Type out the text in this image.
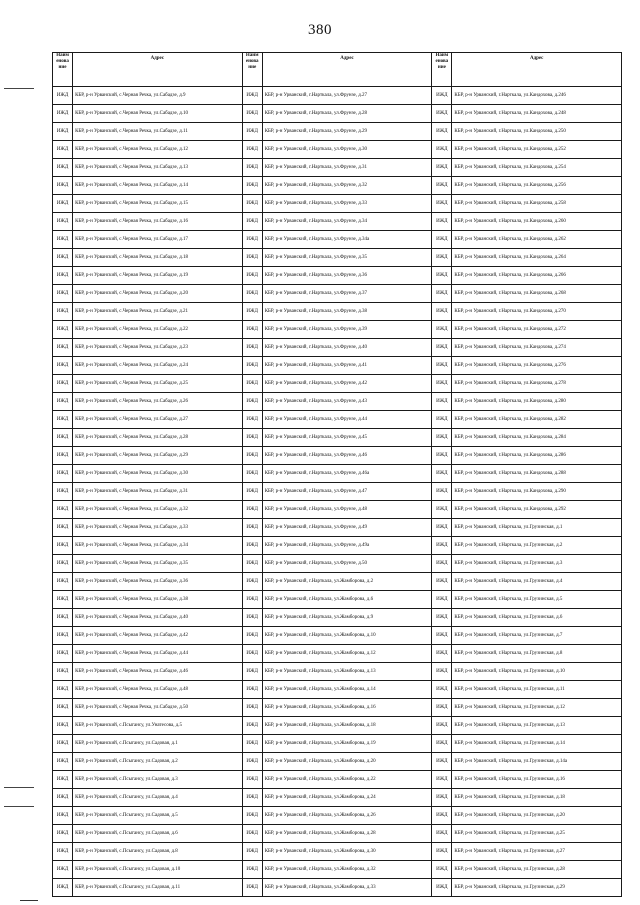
380
Наим
енова
ние	Адрес	Наим
енова
ние	Адрес	Наим
енова
ние	Адрес
ИЖД	КБР, р-н Урванский, с.Черная Речка, ул.Сабадзе, д.9	ИЖД	КБР, р-н Урванский, г.Нарткала, ул.Фрунзе, д.27	ИЖД	КБР, р-н Урванский, г.Нарткала, ул.Кандохова, д.246
ИЖД	КБР, р-н Урванский, с.Черная Речка, ул.Сабадзе, д.10	ИЖД	КБР, р-н Урванский, г.Нарткала, ул.Фрунзе, д.28	ИЖД	КБР, р-н Урванский, г.Нарткала, ул.Кандохова, д.248
ИЖД	КБР, р-н Урванский, с.Черная Речка, ул.Сабадзе, д.11	ИЖД	КБР, р-н Урванский, г.Нарткала, ул.Фрунзе, д.29	ИЖД	КБР, р-н Урванский, г.Нарткала, ул.Кандохова, д.250
ИЖД	КБР, р-н Урванский, с.Черная Речка, ул.Сабадзе, д.12	ИЖД	КБР, р-н Урванский, г.Нарткала, ул.Фрунзе, д.30	ИЖД	КБР, р-н Урванский, г.Нарткала, ул.Кандохова, д.252
ИЖД	КБР, р-н Урванский, с.Черная Речка, ул.Сабадзе, д.13	ИЖД	КБР, р-н Урванский, г.Нарткала, ул.Фрунзе, д.31	ИЖД	КБР, р-н Урванский, г.Нарткала, ул.Кандохова, д.254
ИЖД	КБР, р-н Урванский, с.Черная Речка, ул.Сабадзе, д.14	ИЖД	КБР, р-н Урванский, г.Нарткала, ул.Фрунзе, д.32	ИЖД	КБР, р-н Урванский, г.Нарткала, ул.Кандохова, д.256
ИЖД	КБР, р-н Урванский, с.Черная Речка, ул.Сабадзе, д.15	ИЖД	КБР, р-н Урванский, г.Нарткала, ул.Фрунзе, д.33	ИЖД	КБР, р-н Урванский, г.Нарткала, ул.Кандохова, д.258
ИЖД	КБР, р-н Урванский, с.Черная Речка, ул.Сабадзе, д.16	ИЖД	КБР, р-н Урванский, г.Нарткала, ул.Фрунзе, д.34	ИЖД	КБР, р-н Урванский, г.Нарткала, ул.Кандохова, д.260
ИЖД	КБР, р-н Урванский, с.Черная Речка, ул.Сабадзе, д.17	ИЖД	КБР, р-н Урванский, г.Нарткала, ул.Фрунзе, д.34а	ИЖД	КБР, р-н Урванский, г.Нарткала, ул.Кандохова, д.262
ИЖД	КБР, р-н Урванский, с.Черная Речка, ул.Сабадзе, д.18	ИЖД	КБР, р-н Урванский, г.Нарткала, ул.Фрунзе, д.35	ИЖД	КБР, р-н Урванский, г.Нарткала, ул.Кандохова, д.264
ИЖД	КБР, р-н Урванский, с.Черная Речка, ул.Сабадзе, д.19	ИЖД	КБР, р-н Урванский, г.Нарткала, ул.Фрунзе, д.36	ИЖД	КБР, р-н Урванский, г.Нарткала, ул.Кандохова, д.266
ИЖД	КБР, р-н Урванский, с.Черная Речка, ул.Сабадзе, д.20	ИЖД	КБР, р-н Урванский, г.Нарткала, ул.Фрунзе, д.37	ИЖД	КБР, р-н Урванский, г.Нарткала, ул.Кандохова, д.268
ИЖД	КБР, р-н Урванский, с.Черная Речка, ул.Сабадзе, д.21	ИЖД	КБР, р-н Урванский, г.Нарткала, ул.Фрунзе, д.38	ИЖД	КБР, р-н Урванский, г.Нарткала, ул.Кандохова, д.270
ИЖД	КБР, р-н Урванский, с.Черная Речка, ул.Сабадзе, д.22	ИЖД	КБР, р-н Урванский, г.Нарткала, ул.Фрунзе, д.39	ИЖД	КБР, р-н Урванский, г.Нарткала, ул.Кандохова, д.272
ИЖД	КБР, р-н Урванский, с.Черная Речка, ул.Сабадзе, д.23	ИЖД	КБР, р-н Урванский, г.Нарткала, ул.Фрунзе, д.40	ИЖД	КБР, р-н Урванский, г.Нарткала, ул.Кандохова, д.274
ИЖД	КБР, р-н Урванский, с.Черная Речка, ул.Сабадзе, д.24	ИЖД	КБР, р-н Урванский, г.Нарткала, ул.Фрунзе, д.41	ИЖД	КБР, р-н Урванский, г.Нарткала, ул.Кандохова, д.276
ИЖД	КБР, р-н Урванский, с.Черная Речка, ул.Сабадзе, д.25	ИЖД	КБР, р-н Урванский, г.Нарткала, ул.Фрунзе, д.42	ИЖД	КБР, р-н Урванский, г.Нарткала, ул.Кандохова, д.278
ИЖД	КБР, р-н Урванский, с.Черная Речка, ул.Сабадзе, д.26	ИЖД	КБР, р-н Урванский, г.Нарткала, ул.Фрунзе, д.43	ИЖД	КБР, р-н Урванский, г.Нарткала, ул.Кандохова, д.280
ИЖД	КБР, р-н Урванский, с.Черная Речка, ул.Сабадзе, д.27	ИЖД	КБР, р-н Урванский, г.Нарткала, ул.Фрунзе, д.44	ИЖД	КБР, р-н Урванский, г.Нарткала, ул.Кандохова, д.282
ИЖД	КБР, р-н Урванский, с.Черная Речка, ул.Сабадзе, д.28	ИЖД	КБР, р-н Урванский, г.Нарткала, ул.Фрунзе, д.45	ИЖД	КБР, р-н Урванский, г.Нарткала, ул.Кандохова, д.284
ИЖД	КБР, р-н Урванский, с.Черная Речка, ул.Сабадзе, д.29	ИЖД	КБР, р-н Урванский, г.Нарткала, ул.Фрунзе, д.46	ИЖД	КБР, р-н Урванский, г.Нарткала, ул.Кандохова, д.286
ИЖД	КБР, р-н Урванский, с.Черная Речка, ул.Сабадзе, д.30	ИЖД	КБР, р-н Урванский, г.Нарткала, ул.Фрунзе, д.46а	ИЖД	КБР, р-н Урванский, г.Нарткала, ул.Кандохова, д.288
ИЖД	КБР, р-н Урванский, с.Черная Речка, ул.Сабадзе, д.31	ИЖД	КБР, р-н Урванский, г.Нарткала, ул.Фрунзе, д.47	ИЖД	КБР, р-н Урванский, г.Нарткала, ул.Кандохова, д.290
ИЖД	КБР, р-н Урванский, с.Черная Речка, ул.Сабадзе, д.32	ИЖД	КБР, р-н Урванский, г.Нарткала, ул.Фрунзе, д.48	ИЖД	КБР, р-н Урванский, г.Нарткала, ул.Кандохова, д.292
ИЖД	КБР, р-н Урванский, с.Черная Речка, ул.Сабадзе, д.33	ИЖД	КБР, р-н Урванский, г.Нарткала, ул.Фрунзе, д.49	ИЖД	КБР, р-н Урванский, г.Нарткала, ул.Грузинская, д.1
ИЖД	КБР, р-н Урванский, с.Черная Речка, ул.Сабадзе, д.34	ИЖД	КБР, р-н Урванский, г.Нарткала, ул.Фрунзе, д.49а	ИЖД	КБР, р-н Урванский, г.Нарткала, ул.Грузинская, д.2
ИЖД	КБР, р-н Урванский, с.Черная Речка, ул.Сабадзе, д.35	ИЖД	КБР, р-н Урванский, г.Нарткала, ул.Фрунзе, д.50	ИЖД	КБР, р-н Урванский, г.Нарткала, ул.Грузинская, д.3
ИЖД	КБР, р-н Урванский, с.Черная Речка, ул.Сабадзе, д.36	ИЖД	КБР, р-н Урванский, г.Нарткала, ул.Жамборова, д.2	ИЖД	КБР, р-н Урванский, г.Нарткала, ул.Грузинская, д.4
ИЖД	КБР, р-н Урванский, с.Черная Речка, ул.Сабадзе, д.38	ИЖД	КБР, р-н Урванский, г.Нарткала, ул.Жамборова, д.6	ИЖД	КБР, р-н Урванский, г.Нарткала, ул.Грузинская, д.5
ИЖД	КБР, р-н Урванский, с.Черная Речка, ул.Сабадзе, д.40	ИЖД	КБР, р-н Урванский, г.Нарткала, ул.Жамборова, д.9	ИЖД	КБР, р-н Урванский, г.Нарткала, ул.Грузинская, д.6
ИЖД	КБР, р-н Урванский, с.Черная Речка, ул.Сабадзе, д.42	ИЖД	КБР, р-н Урванский, г.Нарткала, ул.Жамборова, д.10	ИЖД	КБР, р-н Урванский, г.Нарткала, ул.Грузинская, д.7
ИЖД	КБР, р-н Урванский, с.Черная Речка, ул.Сабадзе, д.44	ИЖД	КБР, р-н Урванский, г.Нарткала, ул.Жамборова, д.12	ИЖД	КБР, р-н Урванский, г.Нарткала, ул.Грузинская, д.8
ИЖД	КБР, р-н Урванский, с.Черная Речка, ул.Сабадзе, д.46	ИЖД	КБР, р-н Урванский, г.Нарткала, ул.Жамборова, д.13	ИЖД	КБР, р-н Урванский, г.Нарткала, ул.Грузинская, д.10
ИЖД	КБР, р-н Урванский, с.Черная Речка, ул.Сабадзе, д.48	ИЖД	КБР, р-н Урванский, г.Нарткала, ул.Жамборова, д.14	ИЖД	КБР, р-н Урванский, г.Нарткала, ул.Грузинская, д.11
ИЖД	КБР, р-н Урванский, с.Черная Речка, ул.Сабадзе, д.50	ИЖД	КБР, р-н Урванский, г.Нарткала, ул.Жамборова, д.16	ИЖД	КБР, р-н Урванский, г.Нарткала, ул.Грузинская, д.12
ИЖД	КБР, р-н Урванский, с.Псыгансу, ул.Унатесова, д.5	ИЖД	КБР, р-н Урванский, г.Нарткала, ул.Жамборова, д.18	ИЖД	КБР, р-н Урванский, г.Нарткала, ул.Грузинская, д.13
ИЖД	КБР, р-н Урванский, с.Псыгансу, ул.Садовая, д.1	ИЖД	КБР, р-н Урванский, г.Нарткала, ул.Жамборова, д.19	ИЖД	КБР, р-н Урванский, г.Нарткала, ул.Грузинская, д.14
ИЖД	КБР, р-н Урванский, с.Псыгансу, ул.Садовая, д.2	ИЖД	КБР, р-н Урванский, г.Нарткала, ул.Жамборова, д.20	ИЖД	КБР, р-н Урванский, г.Нарткала, ул.Грузинская, д.14а
ИЖД	КБР, р-н Урванский, с.Псыгансу, ул.Садовая, д.3	ИЖД	КБР, р-н Урванский, г.Нарткала, ул.Жамборова, д.22	ИЖД	КБР, р-н Урванский, г.Нарткала, ул.Грузинская, д.16
ИЖД	КБР, р-н Урванский, с.Псыгансу, ул.Садовая, д.4	ИЖД	КБР, р-н Урванский, г.Нарткала, ул.Жамборова, д.24	ИЖД	КБР, р-н Урванский, г.Нарткала, ул.Грузинская, д.18
ИЖД	КБР, р-н Урванский, с.Псыгансу, ул.Садовая, д.5	ИЖД	КБР, р-н Урванский, г.Нарткала, ул.Жамборова, д.26	ИЖД	КБР, р-н Урванский, г.Нарткала, ул.Грузинская, д.20
ИЖД	КБР, р-н Урванский, с.Псыгансу, ул.Садовая, д.6	ИЖД	КБР, р-н Урванский, г.Нарткала, ул.Жамборова, д.28	ИЖД	КБР, р-н Урванский, г.Нарткала, ул.Грузинская, д.25
ИЖД	КБР, р-н Урванский, с.Псыгансу, ул.Садовая, д.8	ИЖД	КБР, р-н Урванский, г.Нарткала, ул.Жамборова, д.30	ИЖД	КБР, р-н Урванский, г.Нарткала, ул.Грузинская, д.27
ИЖД	КБР, р-н Урванский, с.Псыгансу, ул.Садовая, д.10	ИЖД	КБР, р-н Урванский, г.Нарткала, ул.Жамборова, д.32	ИЖД	КБР, р-н Урванский, г.Нарткала, ул.Грузинская, д.28
ИЖД	КБР, р-н Урванский, с.Псыгансу, ул.Садовая, д.11	ИЖД	КБР, р-н Урванский, г.Нарткала, ул.Жамборова, д.33	ИЖД	КБР, р-н Урванский, г.Нарткала, ул.Грузинская, д.29
